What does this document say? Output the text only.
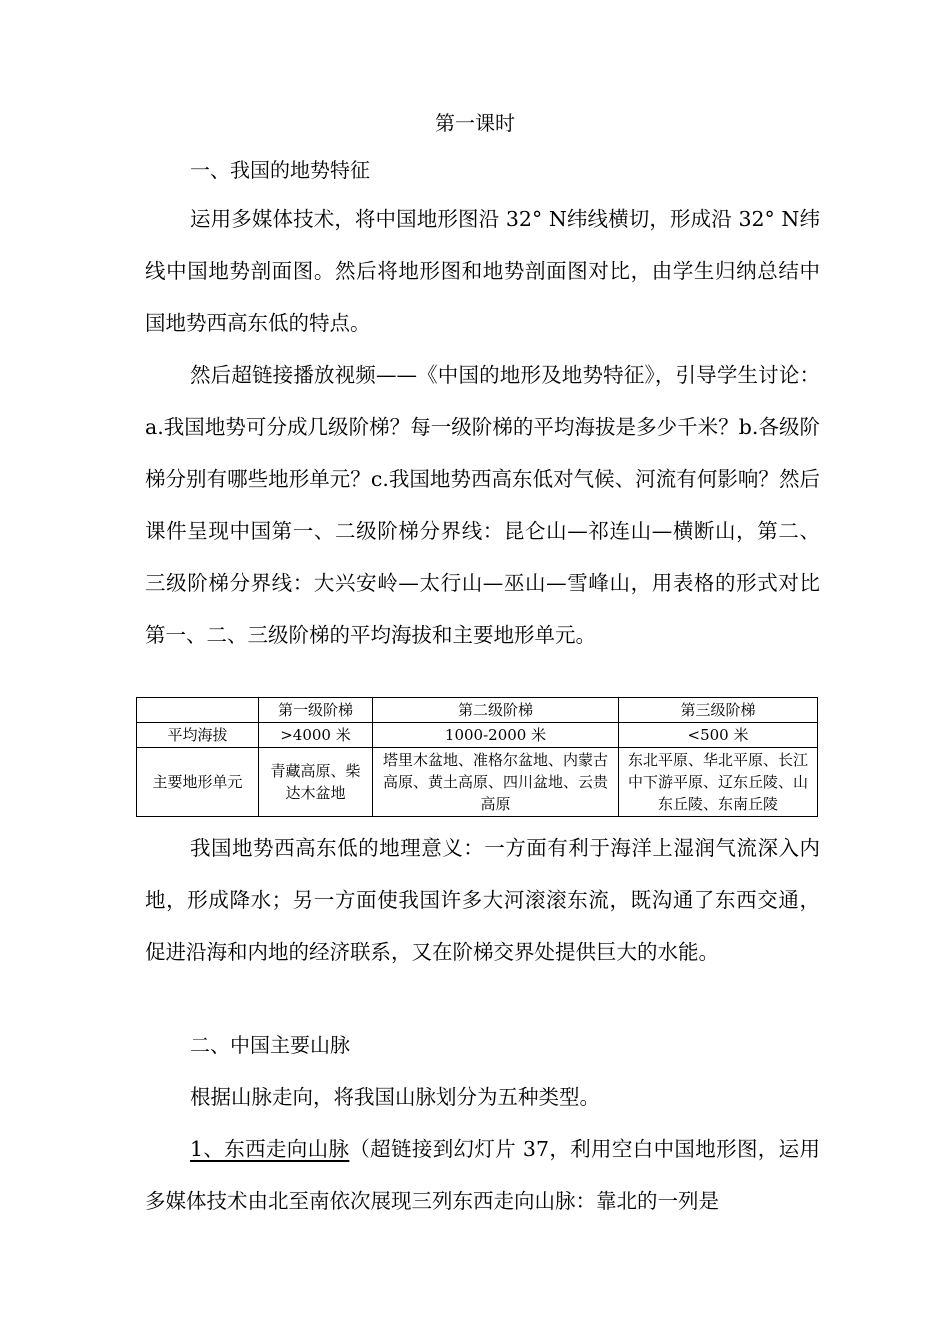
第一课时
一、我国的地势特征

运用多媒体技术，将中国地形图沿 32° N纬线横切，形成沿 32° N纬线中国地势剖面图。然后将地形图和地势剖面图对比，由学生归纳总结中国地势西高东低的特点。

然后超链接播放视频——《中国的地形及地势特征》，引导学生讨论：a.我国地势可分成几级阶梯？每一级阶梯的平均海拔是多少千米？b.各级阶梯分别有哪些地形单元？c.我国地势西高东低对气候、河流有何影响？然后课件呈现中国第一、二级阶梯分界线：昆仑山—祁连山—横断山，第二、三级阶梯分界线：大兴安岭—太行山—巫山—雪峰山，用表格的形式对比第一、二、三级阶梯的平均海拔和主要地形单元。

	第一级阶梯	第二级阶梯	第三级阶梯
平均海拔	>4000 米	1000-2000 米	<500 米
主要地形单元	青藏高原、柴达木盆地	塔里木盆地、准格尔盆地、内蒙古高原、黄土高原、四川盆地、云贵高原	东北平原、华北平原、长江中下游平原、辽东丘陵、山东丘陵、东南丘陵

我国地势西高东低的地理意义：一方面有利于海洋上湿润气流深入内地，形成降水；另一方面使我国许多大河滚滚东流，既沟通了东西交通，促进沿海和内地的经济联系，又在阶梯交界处提供巨大的水能。

二、中国主要山脉

根据山脉走向，将我国山脉划分为五种类型。

1、东西走向山脉（超链接到幻灯片 37，利用空白中国地形图，运用多媒体技术由北至南依次展现三列东西走向山脉：靠北的一列是
